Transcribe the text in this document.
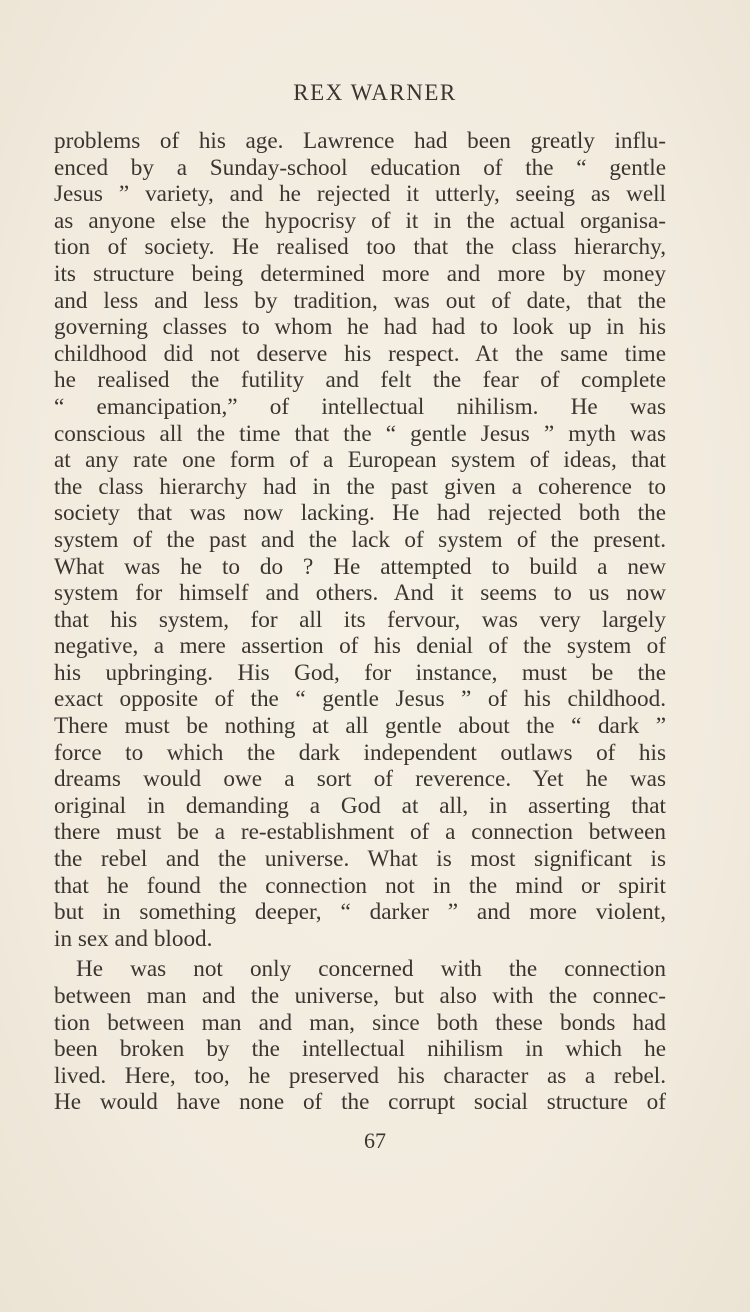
REX WARNER
problems of his age. Lawrence had been greatly influ-
enced by a Sunday-school education of the “ gentle
Jesus ” variety, and he rejected it utterly, seeing as well
as anyone else the hypocrisy of it in the actual organisa-
tion of society. He realised too that the class hierarchy,
its structure being determined more and more by money
and less and less by tradition, was out of date, that the
governing classes to whom he had had to look up in his
childhood did not deserve his respect. At the same time
he realised the futility and felt the fear of complete
“ emancipation,” of intellectual nihilism. He was
conscious all the time that the “ gentle Jesus ” myth was
at any rate one form of a European system of ideas, that
the class hierarchy had in the past given a coherence to
society that was now lacking. He had rejected both the
system of the past and the lack of system of the present.
What was he to do ? He attempted to build a new
system for himself and others. And it seems to us now
that his system, for all its fervour, was very largely
negative, a mere assertion of his denial of the system of
his upbringing. His God, for instance, must be the
exact opposite of the “ gentle Jesus ” of his childhood.
There must be nothing at all gentle about the “ dark ”
force to which the dark independent outlaws of his
dreams would owe a sort of reverence. Yet he was
original in demanding a God at all, in asserting that
there must be a re-establishment of a connection between
the rebel and the universe. What is most significant is
that he found the connection not in the mind or spirit
but in something deeper, “ darker ” and more violent,
in sex and blood.
He was not only concerned with the connection
between man and the universe, but also with the connec-
tion between man and man, since both these bonds had
been broken by the intellectual nihilism in which he
lived. Here, too, he preserved his character as a rebel.
He would have none of the corrupt social structure of
67
